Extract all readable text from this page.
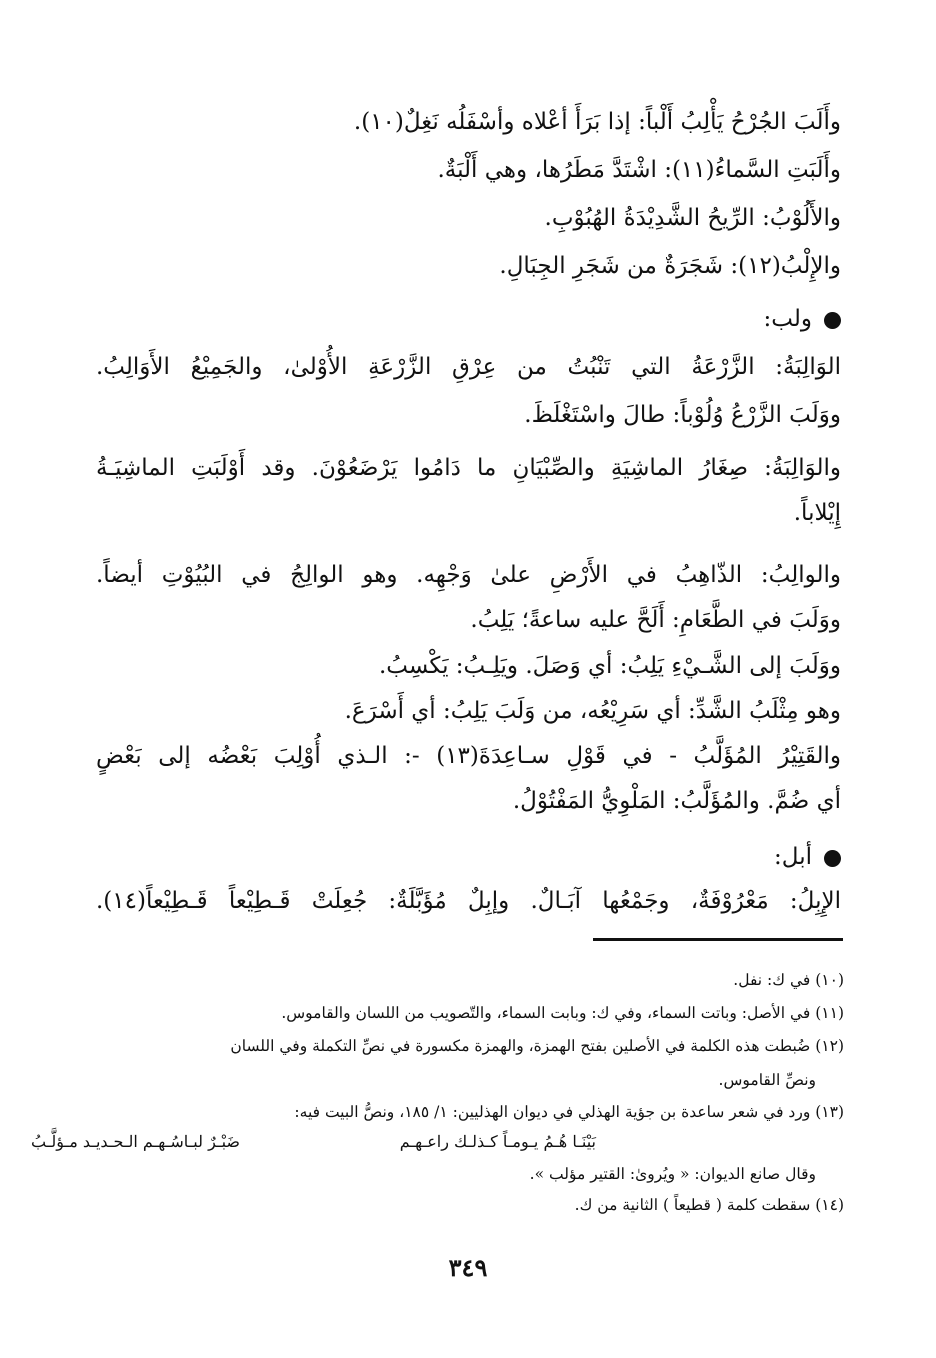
وأَلَبَ الجُرْحُ يَأْلِبُ أَلْباً: إذا بَرَأَ أعْلاه وأسْفَلُه نَغِلٌ(١٠).
وأَلَبَتِ السَّماءُ(١١): اشْتَدَّ مَطَرُها، وهي أَلْبَةٌ.
والأَلُوْبُ: الرِّيحُ الشَّدِيْدَةُ الهُبُوْبِ.
والإِلْبُ(١٢): شَجَرَةٌ من شَجَرِ الجِبَالِ.
ولب:
الوَالِبَةُ: الزَّرْعَةُ التي تَنْبُتُ من عِرْقِ الزَّرْعَةِ الأُوْلىٰ، والجَمِيْعُ الأَوَالِبُ.
ووَلَبَ الزَّرْعُ وُلُوْباً: طالَ واسْتَغْلَظَ.
والوَالِبَةُ: صِغَارُ الماشِيَةِ والصِّبْيَانِ ما دَامُوا يَرْضَعُوْنَ. وقد أَوْلَبَتِ الماشِيَـةُ
إِيْلاباً.
والوالِبُ: الذّاهِبُ في الأَرْضِ علىٰ وَجْهِه. وهو الوالِجُ في البُيُوْتِ أيضاً.
ووَلَبَ في الطَّعَامِ: أَلَحَّ عليه ساعةً؛ يَلِبُ.
ووَلَبَ إلى الشَّـيْءِ يَلِبُ: أي وَصَلَ. ويَلِـبُ: يَكْسِبُ.
وهو مِثْلَبُ الشَّدِّ: أي سَرِيْعُه، من وَلَبَ يَلِبُ: أي أَسْرَعَ.
والقَتِيْرُ المُؤَلَّبُ - في قَوْلِ سـاعِدَةَ(١٣) -: الـذي أُوْلِبَ بَعْضُه إلى بَعْضٍ
أي ضُمَّ. والمُؤَلَّبُ: المَلْوِيُّ المَفْتُوْلُ.
أبل:
الإِبِلُ: مَعْرُوْفَةٌ، وجَمْعُها آبَـالٌ. وإبِلٌ مُؤَبَّلَةٌ: جُعِلَتْ قَـطِيْعاً قَـطِيْعاً(١٤).
(١٠) في ك: نفل.
(١١) في الأصل: وباتت السماء، وفي ك: وبابت السماء، والتّصويب من اللسان والقاموس.
(١٢) ضُبطت هذه الكلمة في الأصلين بفتح الهمزة، والهمزة مكسورة في نصِّ التكملة وفي اللسان
ونصِّ القاموس.
(١٣) ورد في شعر ساعدة بن جؤية الهذلي في ديوان الهذليين: ١/ ١٨٥، ونصُّ البيت فيه:
بَيْنَـا هُـمُ يـومـاً كـذلـك راعـهـم
ضَبْـرٌ لبـاسُـهـم الـحـديـد مـؤلَّـبُ
وقال صانع الديوان: « ويُروىٰ: القتير مؤلب ».
(١٤) سقطت كلمة ( قطيعاً ) الثانية من ك.
٣٤٩
